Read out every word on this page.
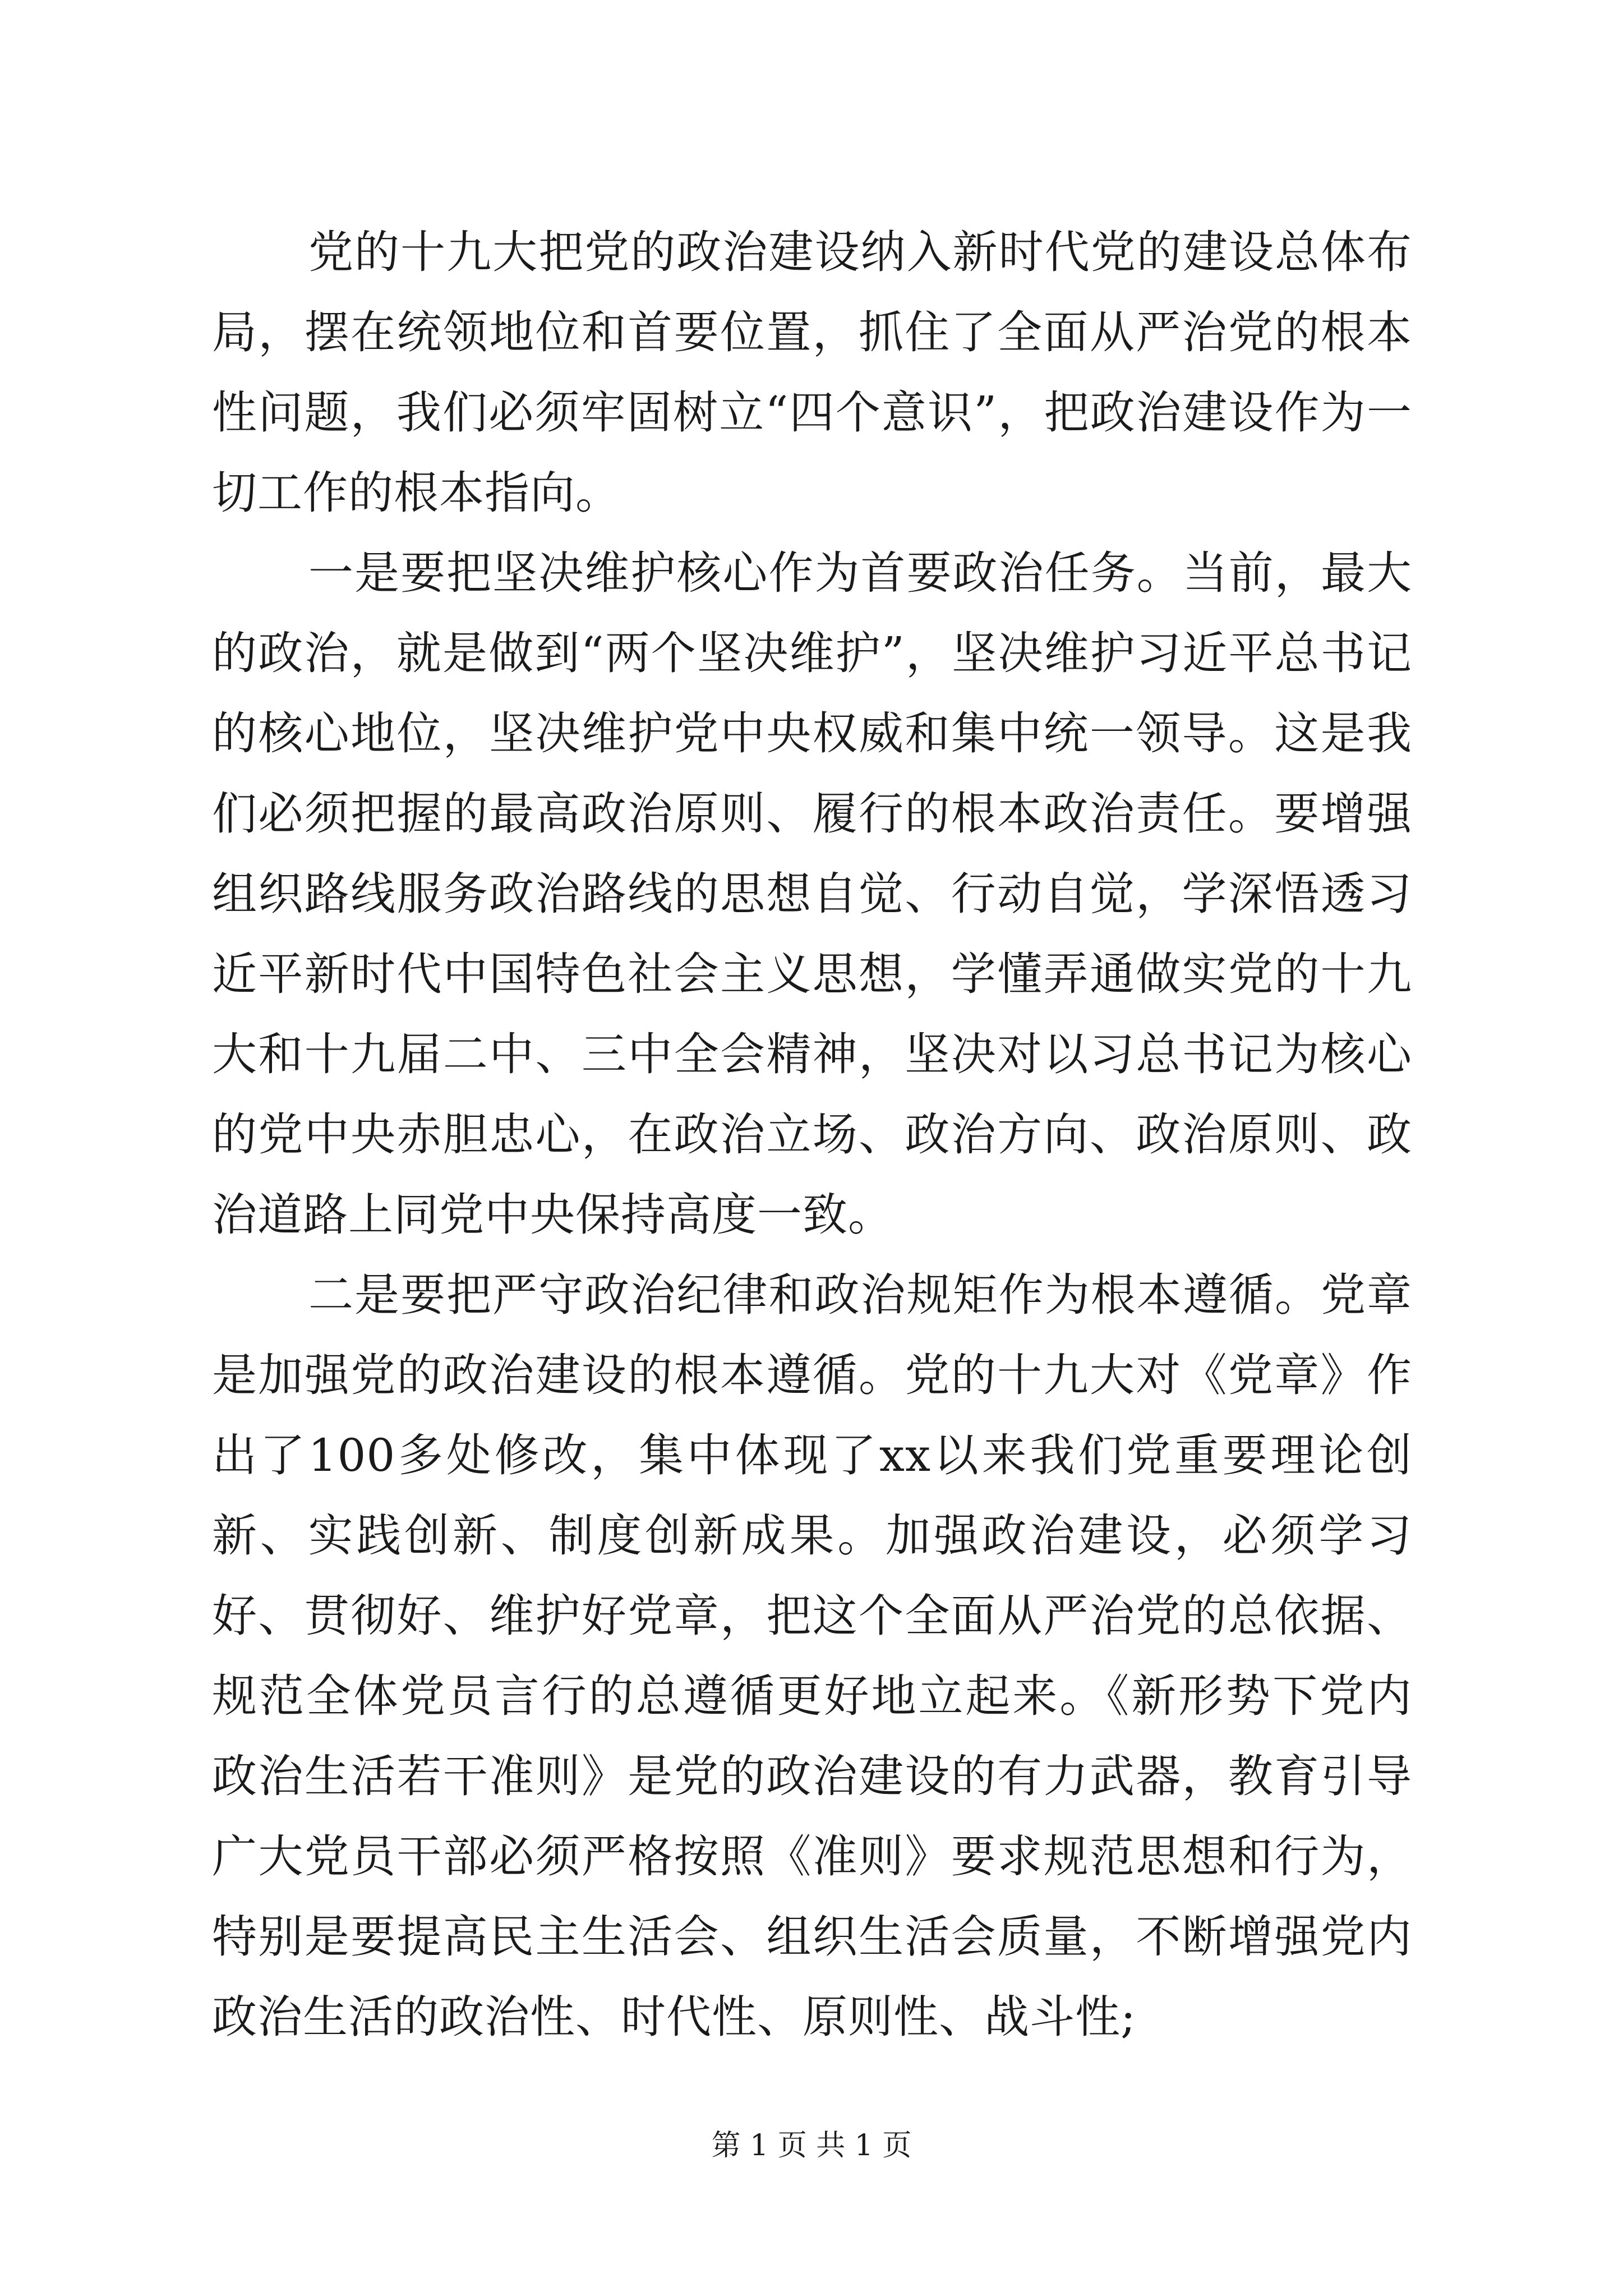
党的十九大把党的政治建设纳入新时代党的建设总体布局，摆在统领地位和首要位置，抓住了全面从严治党的根本性问题，我们必须牢固树立“四个意识”，把政治建设作为一切工作的根本指向。

一是要把坚决维护核心作为首要政治任务。当前，最大的政治，就是做到“两个坚决维护”，坚决维护习近平总书记的核心地位，坚决维护党中央权威和集中统一领导。这是我们必须把握的最高政治原则、履行的根本政治责任。要增强组织路线服务政治路线的思想自觉、行动自觉，学深悟透习近平新时代中国特色社会主义思想，学懂弄通做实党的十九大和十九届二中、三中全会精神，坚决对以习总书记为核心的党中央赤胆忠心，在政治立场、政治方向、政治原则、政治道路上同党中央保持高度一致。

二是要把严守政治纪律和政治规矩作为根本遵循。党章是加强党的政治建设的根本遵循。党的十九大对《党章》作出了100多处修改，集中体现了xx以来我们党重要理论创新、实践创新、制度创新成果。加强政治建设，必须学习好、贯彻好、维护好党章，把这个全面从严治党的总依据、规范全体党员言行的总遵循更好地立起来。《新形势下党内政治生活若干准则》是党的政治建设的有力武器，教育引导广大党员干部必须严格按照《准则》要求规范思想和行为，特别是要提高民主生活会、组织生活会质量，不断增强党内政治生活的政治性、时代性、原则性、战斗性;

第 1 页 共 1 页
